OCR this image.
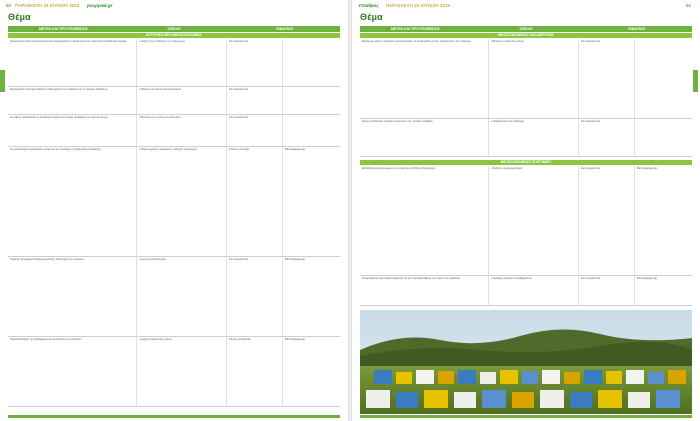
50 ΠΑΡΑΣΚΕΥΗ 26 ΙΟΥΝΙΟΥ 2015 γεωργικά.gr
Θέμα
ΜΕΤΡΑ ΚΑΙ ΠΡΟΥΠΟΘΕΣΕΙΣ	ΟΦΕΛΗ	ΚΙΝΔΥΝΟΙ
ΑΓΡΟΤΙΚΟ ΜΕΛΙ ΜΕΛΙΣΣΟΚΟΜΙΑΣ
Χρησιμοποιούνται μελισσοσμήνη από εγκεκριμένους παραγωγούς και τηρούνται τα κατάλληλα αρχεία.	• Αύξηση της απόδοσης της παραγωγής	Δεν αναμένονται
Εφαρμόζεται σύστημα τακτικής επιθεώρησης των κυψελών για τον έλεγχο ασθενειών.	• Μείωση απωλειών μελισσοσμηνών	Δεν αναμένονται
Η κυψέλη τοποθετείται σε κατάλληλο σημείο με επαρκή πρόσβαση σε νερό και τροφή.	• Βελτίωση της υγείας των μελισσών	Δεν αναμένονται
Οι μελισσοκόμοι εφαρμόζουν μέτρα για την πρόληψη της βαρροϊκής ακαρίασης.	• Μείωση χρήσης φαρμάκων • Αύξηση παραγωγής	Κινδυνος αντοχής	Μέσα Εφαρμογής
Τηρείται πρόγραμμα συμπληρωματικής διατροφής των μελισσών.	• Ισχυρά μελισσοσμήνη	Δεν αναμένονται	Μέσα Εφαρμογής
Παρακολούθηση της ανθοφορίας και μετακίνηση των κυψελών.	• Αύξηση παραγωγής μελιού	Κόστος μεταφοράς	Μέσα Εφαρμογής
Υπαιθρος ΠΑΡΑΣΚΕΥΗ 26 ΙΟΥΝΙΟΥ 2015	51
Θέμα
ΜΕΤΡΑ ΚΑΙ ΠΡΟΥΠΟΘΕΣΕΙΣ	ΟΦΕΛΗ	ΚΙΝΔΥΝΟΙ
ΜΕΛΙΣΣΟΚΟΜΙΚΕΣ ΚΑΛΛΙΕΡΓΕΙΕΣ
Εφαρμογή καλών πρακτικών μελισσοκομίας σε συνεργασία με τους παραγωγούς της περιοχής.	• Βελτίωση ποιότητας μελιού	Δεν αναμένονται
Χρήση ανθεκτικών ποικιλιών μελισσών στις τοπικές συνθήκες.	• Ανθεκτικότητα σε ασθένειες	Δεν αναμένονται
ΜΕΛΙΣΣΟΚΟΜΙΚΕΣ ΕΠΙΣΤΗΜΕΣ
Εκπαίδευση μελισσοκόμων σε σύγχρονες μεθόδους διαχείρισης.	• Αύξηση παραγωγικότητας	Δεν αναμένονται	Μέσα Εφαρμογής
Συνεργασία με ερευνητικά ιδρύματα για την παρακολούθηση της υγείας των μελισσών.	• Έγκαιρη ανίχνευση προβλημάτων	Δεν αναμένονται	Μέσα Εφαρμογής
